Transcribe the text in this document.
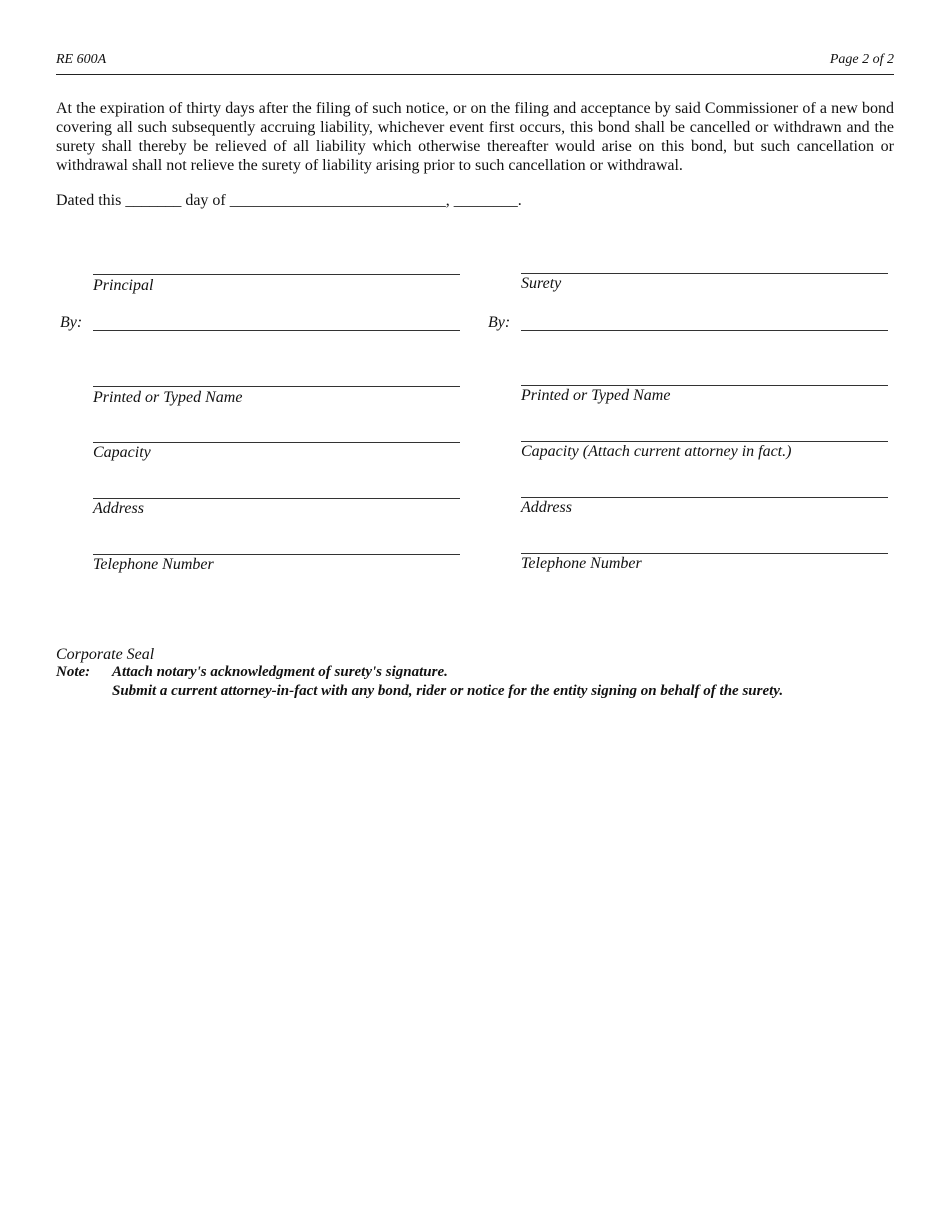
RE 600A	Page 2 of 2

At the expiration of thirty days after the filing of such notice, or on the filing and acceptance by said Commissioner of a new bond covering all such subsequently accruing liability, whichever event first occurs, this bond shall be cancelled or withdrawn and the surety shall thereby be relieved of all liability which otherwise thereafter would arise on this bond, but such cancellation or withdrawal shall not relieve the surety of liability arising prior to such cancellation or withdrawal.

Dated this _______ day of ___________________________, ________.
Principal
By:
Printed or Typed Name
Capacity
Address
Telephone Number
Surety
By:
Printed or Typed Name
Capacity (Attach current attorney in fact.)
Address
Telephone Number
Corporate Seal
Note: Attach notary's acknowledgment of surety's signature.
Submit a current attorney-in-fact with any bond, rider or notice for the entity signing on behalf of the surety.
